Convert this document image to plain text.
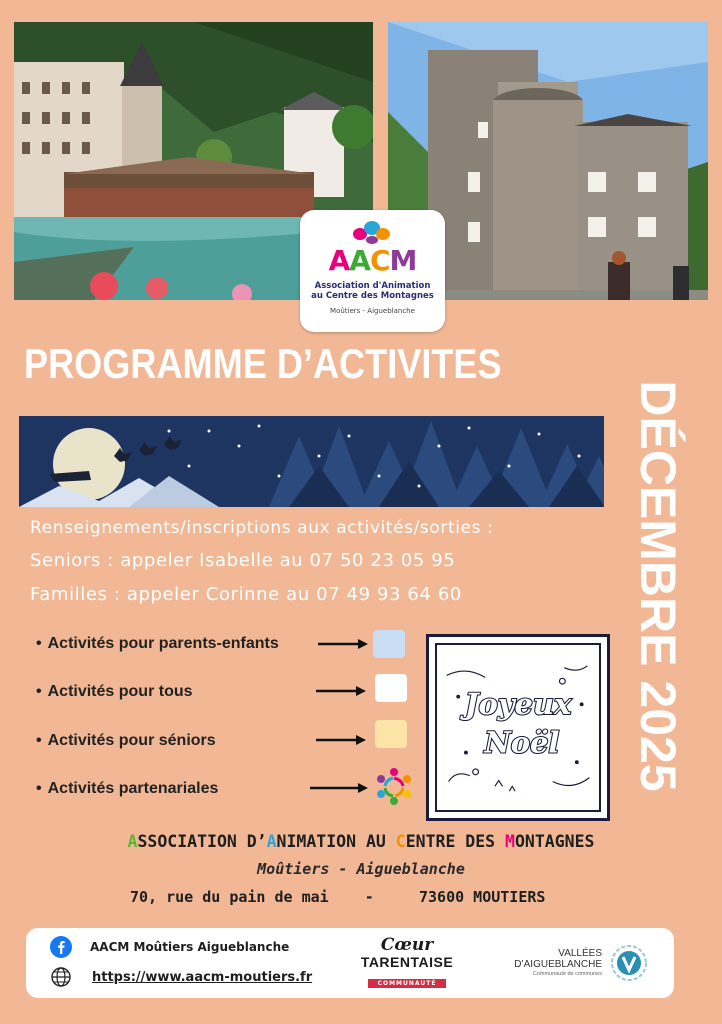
AACM
Association d'Animation
au Centre des Montagnes
Moûtiers - Aigueblanche
PROGRAMME D’ACTIVITES
DÉCEMBRE 2025
Renseignements/inscriptions aux activités/sorties :
Seniors : appeler Isabelle au 07 50 23 05 95
Familles : appeler Corinne au 07 49 93 64 60
• Activités pour parents-enfants
• Activités pour tous
• Activités pour séniors
• Activités partenariales
Joyeux
Noël
ASSOCIATION D’ANIMATION AU CENTRE DES MONTAGNES
Moûtiers - Aigueblanche
70, rue du pain de mai    -     73600 MOUTIERS
AACM Moûtiers Aigueblanche
https://www.aacm-moutiers.fr
Cœur
TARENTAISE
COMMUNAUTÉ
VALLÉES
D’AIGUEBLANCHE
Communauté de communes
